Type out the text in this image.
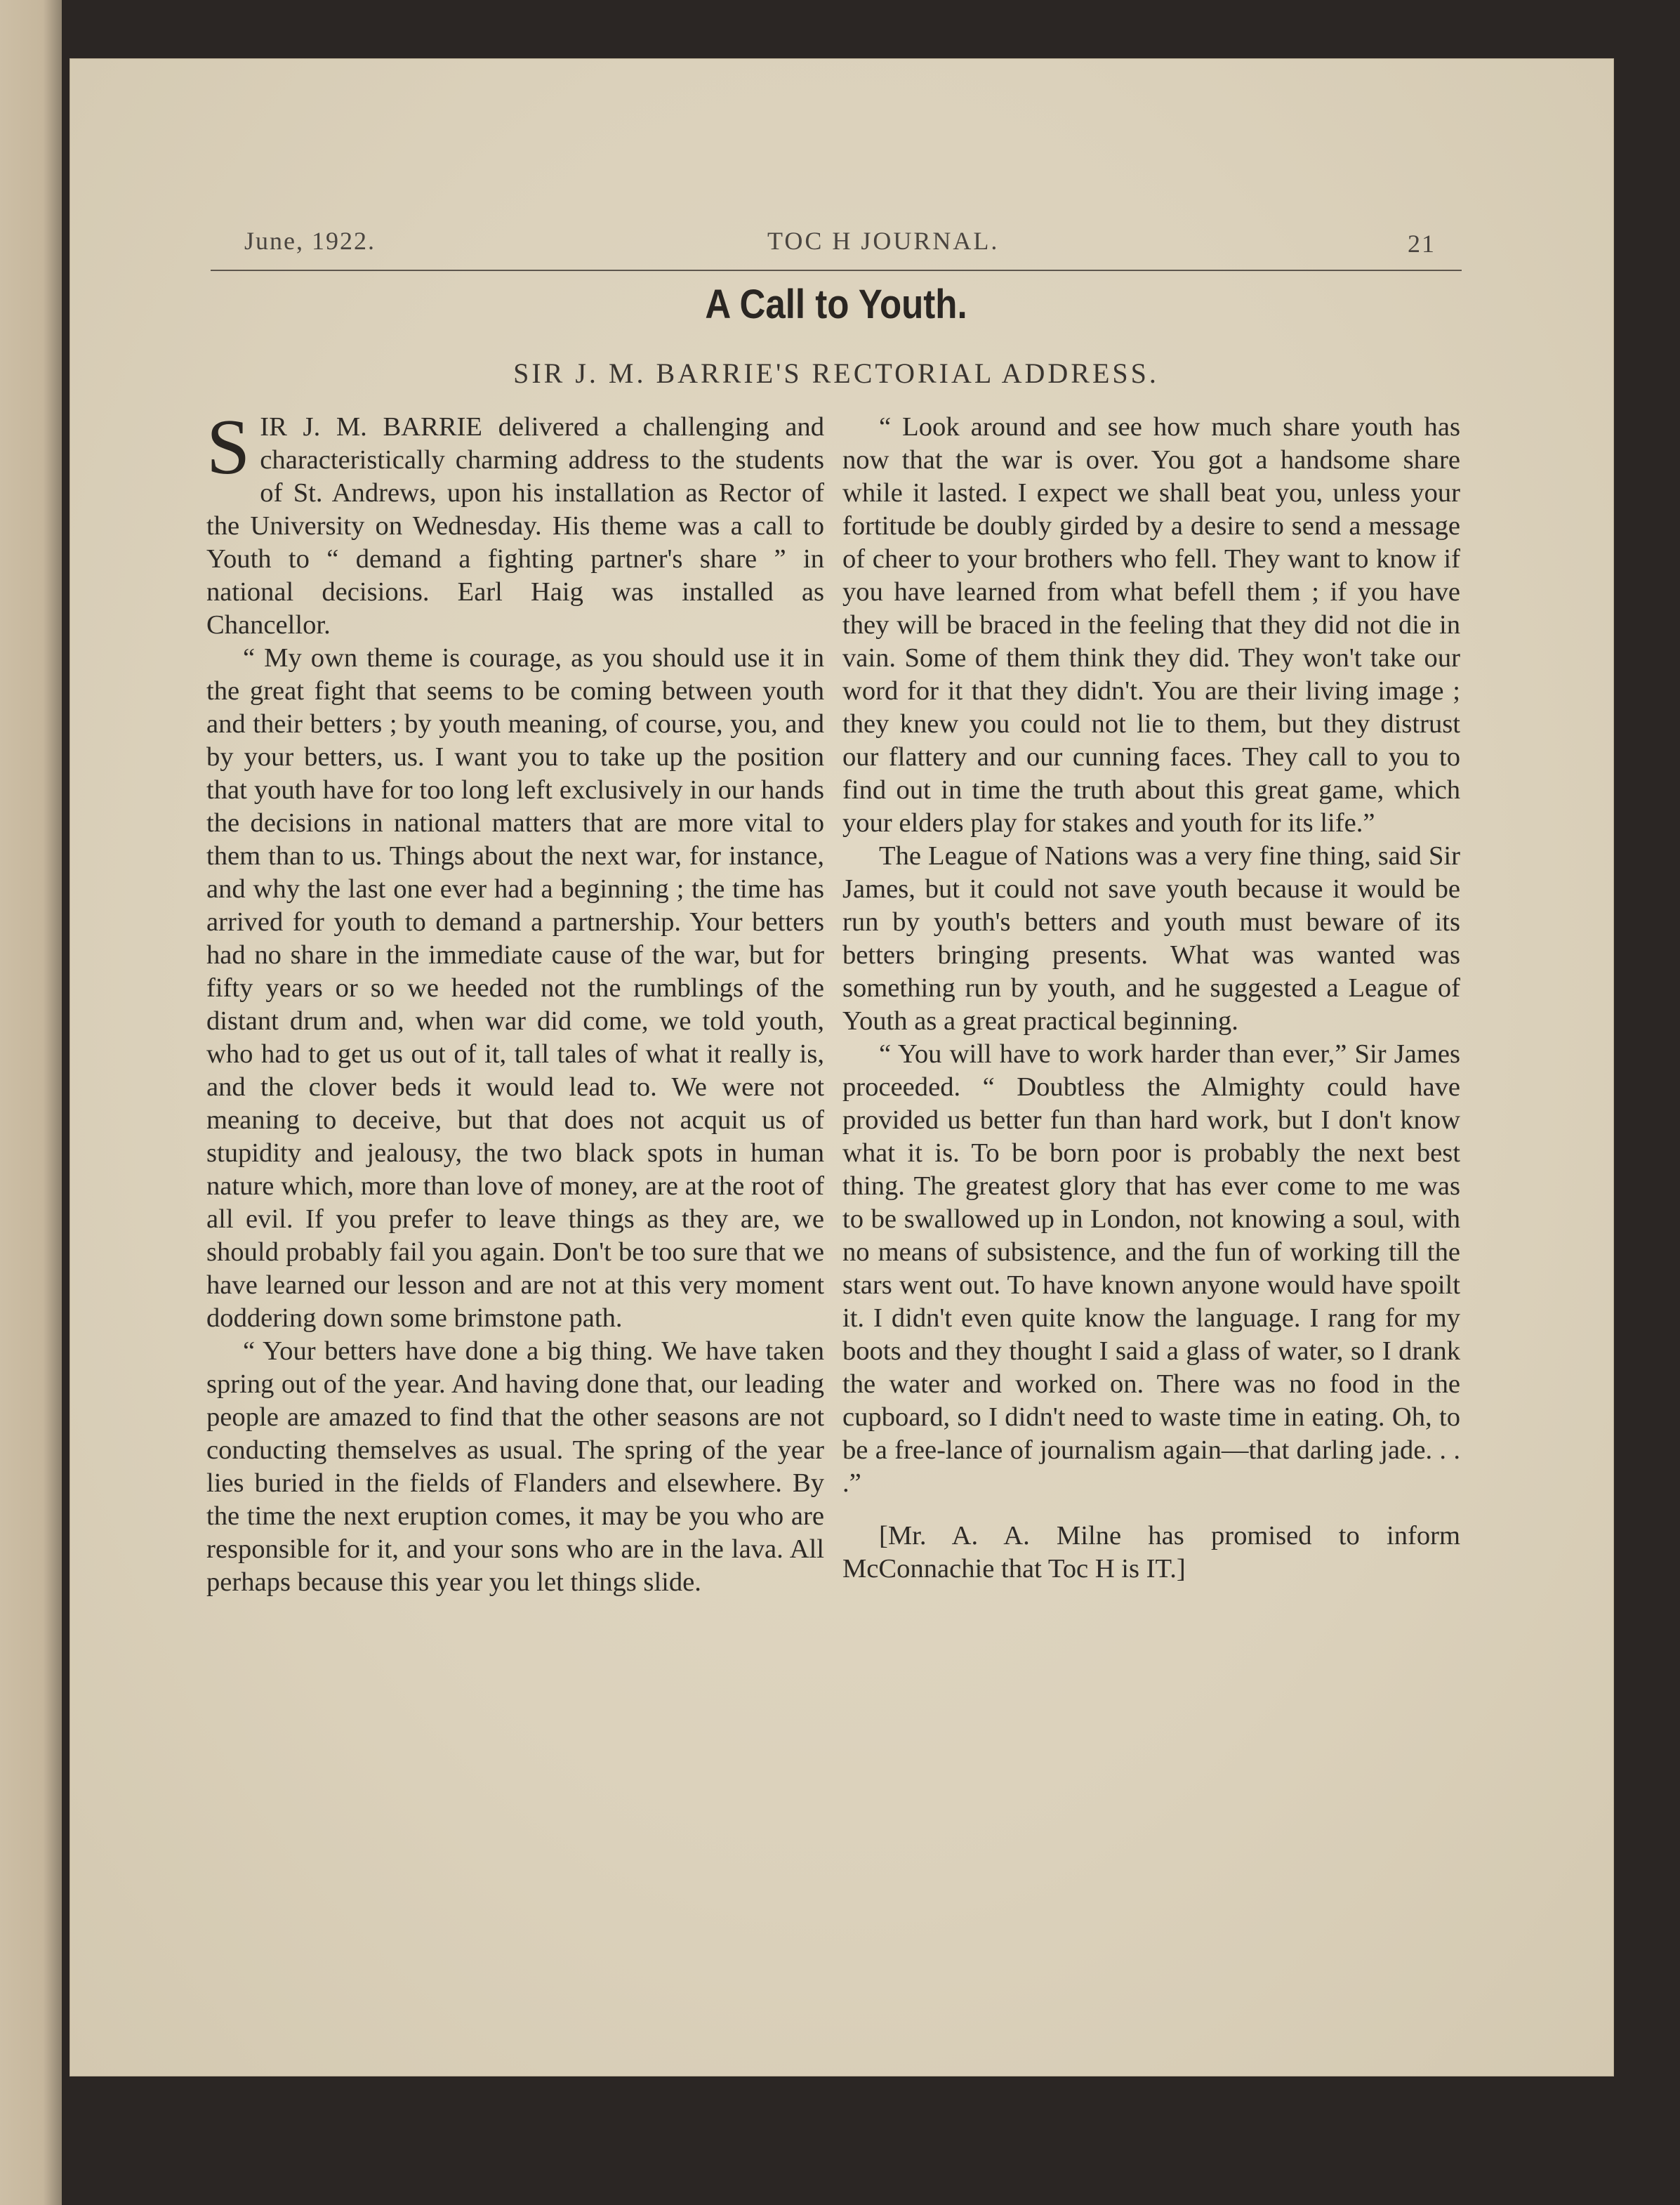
June, 1922.	TOC H JOURNAL.	21
A Call to Youth.
SIR J. M. BARRIE'S RECTORIAL ADDRESS.

SIR J. M. BARRIE delivered a challenging and characteristically charming address to the students of St. Andrews, upon his installation as Rector of the University on Wednesday. His theme was a call to Youth to “ demand a fighting partner's share ” in national decisions. Earl Haig was installed as Chancellor.

“ My own theme is courage, as you should use it in the great fight that seems to be coming between youth and their betters ; by youth meaning, of course, you, and by your betters, us. I want you to take up the position that youth have for too long left exclusively in our hands the decisions in national matters that are more vital to them than to us. Things about the next war, for instance, and why the last one ever had a beginning ; the time has arrived for youth to demand a partnership. Your betters had no share in the immediate cause of the war, but for fifty years or so we heeded not the rumblings of the distant drum and, when war did come, we told youth, who had to get us out of it, tall tales of what it really is, and the clover beds it would lead to. We were not meaning to deceive, but that does not acquit us of stupidity and jealousy, the two black spots in human nature which, more than love of money, are at the root of all evil. If you prefer to leave things as they are, we should probably fail you again. Don't be too sure that we have learned our lesson and are not at this very moment doddering down some brimstone path.

“ Your betters have done a big thing. We have taken spring out of the year. And having done that, our leading people are amazed to find that the other seasons are not conducting themselves as usual. The spring of the year lies buried in the fields of Flanders and elsewhere. By the time the next eruption comes, it may be you who are responsible for it, and your sons who are in the lava. All perhaps because this year you let things slide.

“ Look around and see how much share youth has now that the war is over. You got a handsome share while it lasted. I expect we shall beat you, unless your fortitude be doubly girded by a desire to send a message of cheer to your brothers who fell. They want to know if you have learned from what befell them ; if you have they will be braced in the feeling that they did not die in vain. Some of them think they did. They won't take our word for it that they didn't. You are their living image ; they knew you could not lie to them, but they distrust our flattery and our cunning faces. They call to you to find out in time the truth about this great game, which your elders play for stakes and youth for its life.”

The League of Nations was a very fine thing, said Sir James, but it could not save youth because it would be run by youth's betters and youth must beware of its betters bringing presents. What was wanted was something run by youth, and he suggested a League of Youth as a great practical beginning.

“ You will have to work harder than ever,” Sir James proceeded. “ Doubtless the Almighty could have provided us better fun than hard work, but I don't know what it is. To be born poor is probably the next best thing. The greatest glory that has ever come to me was to be swallowed up in London, not knowing a soul, with no means of subsistence, and the fun of working till the stars went out. To have known anyone would have spoilt it. I didn't even quite know the language. I rang for my boots and they thought I said a glass of water, so I drank the water and worked on. There was no food in the cupboard, so I didn't need to waste time in eating. Oh, to be a free-lance of journalism again—that darling jade. . . .”

[Mr. A. A. Milne has promised to inform McConnachie that Toc H is IT.]
